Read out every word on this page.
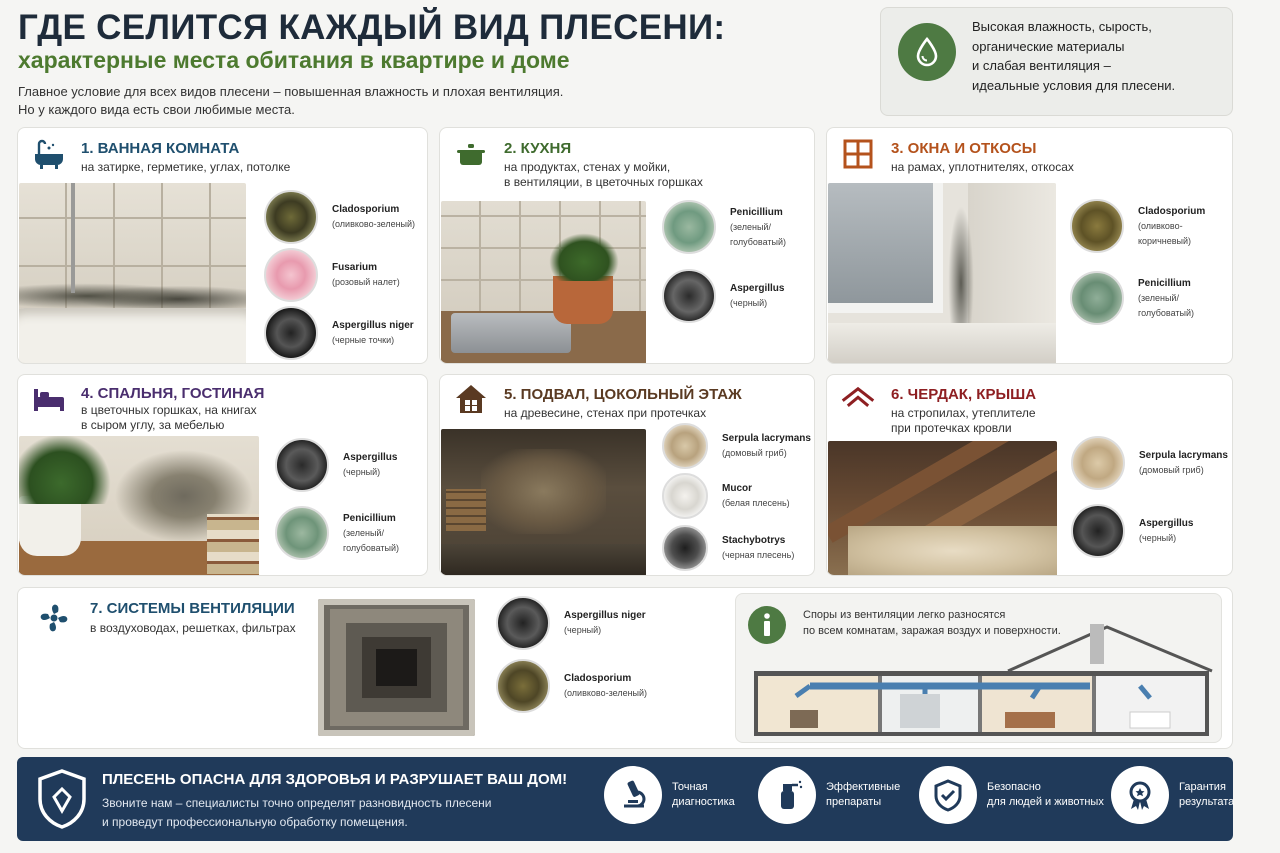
ГДЕ СЕЛИТСЯ КАЖДЫЙ ВИД ПЛЕСЕНИ:
характерные места обитания в квартире и доме
Главное условие для всех видов плесени – повышенная влажность и плохая вентиляция.
Но у каждого вида есть свои любимые места.
Высокая влажность, сырость,
органические материалы
и слабая вентиляция –
идеальные условия для плесени.
1. ВАННАЯ КОМНАТА
на затирке, герметике, углах, потолке
Cladosporium
(оливково-зеленый)
Fusarium
(розовый налет)
Aspergillus niger
(черные точки)
2. КУХНЯ
на продуктах, стенах у мойки,
в вентиляции, в цветочных горшках
Penicillium
(зеленый/голубоватый)
Aspergillus
(черный)
3. ОКНА И ОТКОСЫ
на рамах, уплотнителях, откосах
Cladosporium
(оливково-коричневый)
Penicillium
(зеленый/голубоватый)
4. СПАЛЬНЯ, ГОСТИНАЯ
в цветочных горшках, на книгах
в сыром углу, за мебелью
Aspergillus
(черный)
Penicillium
(зеленый/голубоватый)
5. ПОДВАЛ, ЦОКОЛЬНЫЙ ЭТАЖ
на древесине, стенах при протечках
Serpula lacrymans
(домовый гриб)
Mucor
(белая плесень)
Stachybotrys
(черная плесень)
6. ЧЕРДАК, КРЫША
на стропилах, утеплителе
при протечках кровли
Serpula lacrymans
(домовый гриб)
Aspergillus
(черный)
7. СИСТЕМЫ ВЕНТИЛЯЦИИ
в воздуховодах, решетках, фильтрах
Aspergillus niger
(черный)
Cladosporium
(оливково-зеленый)
Споры из вентиляции легко разносятся
по всем комнатам, заражая воздух и поверхности.
ПЛЕСЕНЬ ОПАСНА ДЛЯ ЗДОРОВЬЯ И РАЗРУШАЕТ ВАШ ДОМ!
Звоните нам – специалисты точно определят разновидность плесени
и проведут профессиональную обработку помещения.
Точная
диагностика
Эффективные
препараты
Безопасно
для людей и животных
Гарантия
результата
